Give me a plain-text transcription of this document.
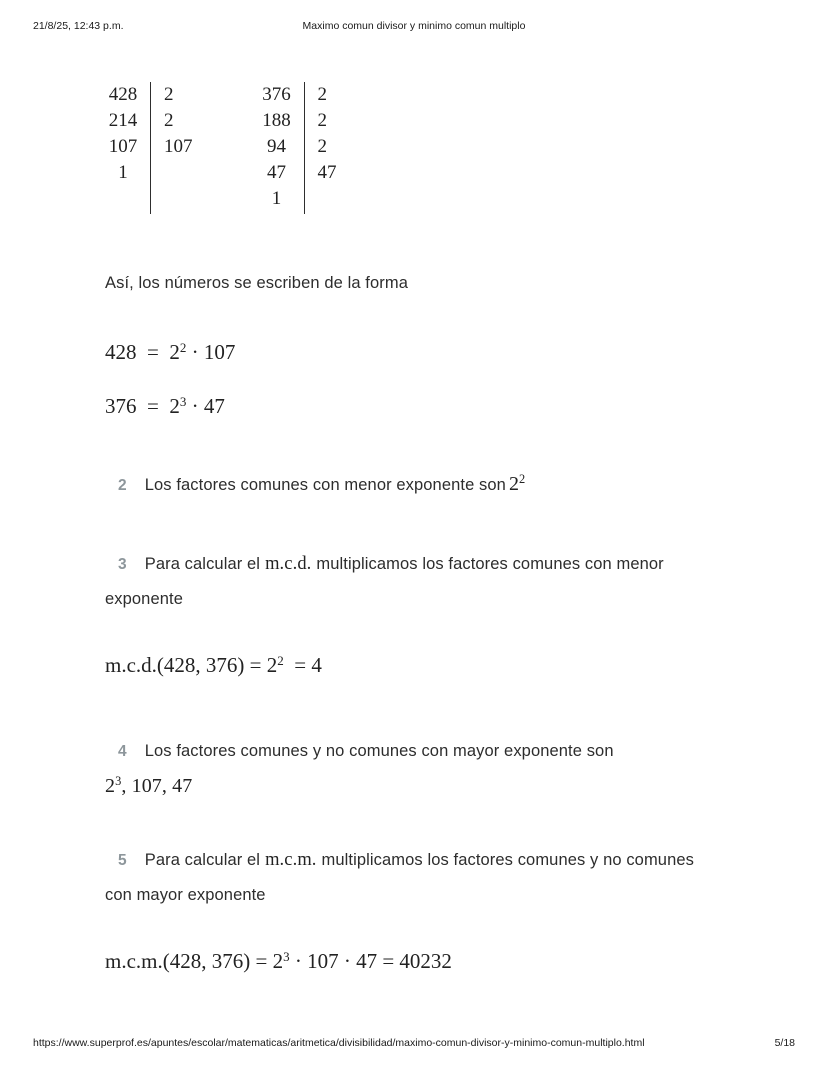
21/8/25, 12:43 p.m.	Maximo comun divisor y minimo comun multiplo
428
214
107
1
2
2
107
376
188
94
47
1
2
2
2
47

Así, los números se escriben de la forma

$428 = 2^2 \cdot 107$
$376 = 2^3 \cdot 47$

2 Los factores comunes con menor exponente son $2^2$

3 Para calcular el m.c.d. multiplicamos los factores comunes con menor exponente

m.c.d.(428, $376) = 2^2 = 4$

4 Los factores comunes y no comunes con mayor exponente son
$2^3$, 107, 47

5 Para calcular el m.c.m. multiplicamos los factores comunes y no comunes con mayor exponente

m.c.m.(428, $376) = 2^3 \cdot 107 \cdot 47 = 40232$
https://www.superprof.es/apuntes/escolar/matematicas/aritmetica/divisibilidad/maximo-comun-divisor-y-minimo-comun-multiplo.html	5/18
